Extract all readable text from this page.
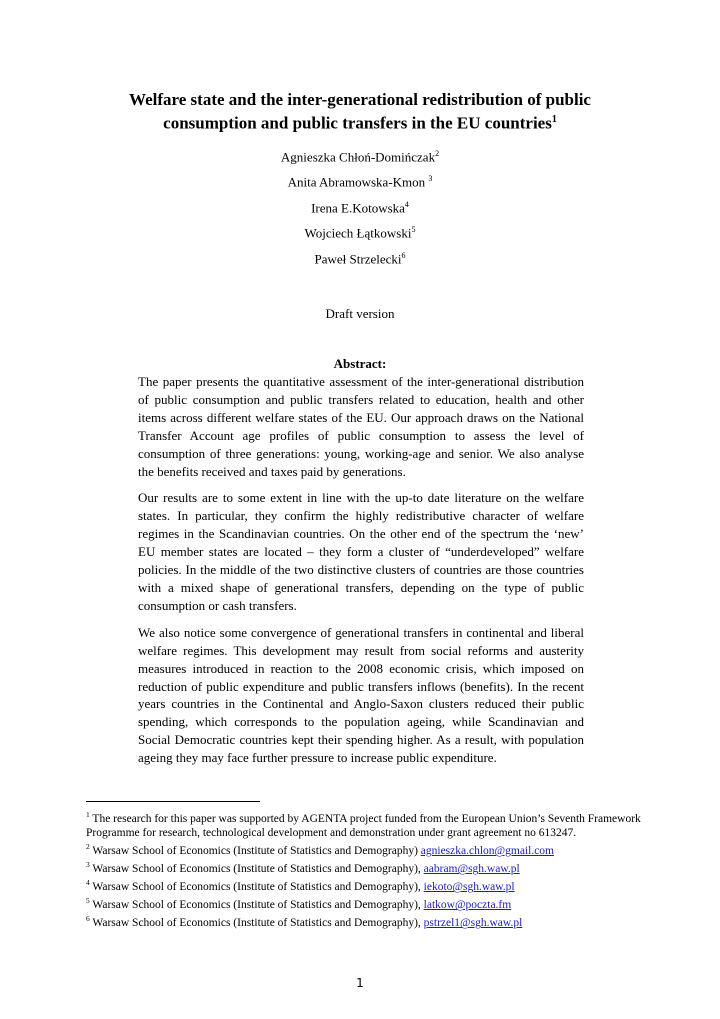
Welfare state and the inter-generational redistribution of public
consumption and public transfers in the EU countries$^1$
Agnieszka Chłoń-Domińczak$^2$
Anita Abramowska-Kmon $^3$
Irena E.Kotowska$^4$
Wojciech Łątkowski$^5$
Paweł Strzelecki$^6$
Draft version
Abstract:

The paper presents the quantitative assessment of the inter-generational distribution of public consumption and public transfers related to education, health and other items across different welfare states of the EU. Our approach draws on the National Transfer Account age profiles of public consumption to assess the level of consumption of three generations: young, working-age and senior. We also analyse the benefits received and taxes paid by generations.

Our results are to some extent in line with the up-to date literature on the welfare states. In particular, they confirm the highly redistributive character of welfare regimes in the Scandinavian countries. On the other end of the spectrum the ‘new’ EU member states are located – they form a cluster of “underdeveloped” welfare policies. In the middle of the two distinctive clusters of countries are those countries with a mixed shape of generational transfers, depending on the type of public consumption or cash transfers.

We also notice some convergence of generational transfers in continental and liberal welfare regimes. This development may result from social reforms and austerity measures introduced in reaction to the 2008 economic crisis, which imposed on reduction of public expenditure and public transfers inflows (benefits). In the recent years countries in the Continental and Anglo-Saxon clusters reduced their public spending, which corresponds to the population ageing, while Scandinavian and Social Democratic countries kept their spending higher. As a result, with population ageing they may face further pressure to increase public expenditure.

$^1$ The research for this paper was supported by AGENTA project funded from the European Union’s Seventh Framework Programme for research, technological development and demonstration under grant agreement no 613247.

$^2$ Warsaw School of Economics (Institute of Statistics and Demography) agnieszka.chlon@gmail.com

$^3$ Warsaw School of Economics (Institute of Statistics and Demography), aabram@sgh.waw.pl

$^4$ Warsaw School of Economics (Institute of Statistics and Demography), iekoto@sgh.waw.pl

$^5$ Warsaw School of Economics (Institute of Statistics and Demography), latkow@poczta.fm

$^6$ Warsaw School of Economics (Institute of Statistics and Demography), pstrzel1@sgh.waw.pl

1
